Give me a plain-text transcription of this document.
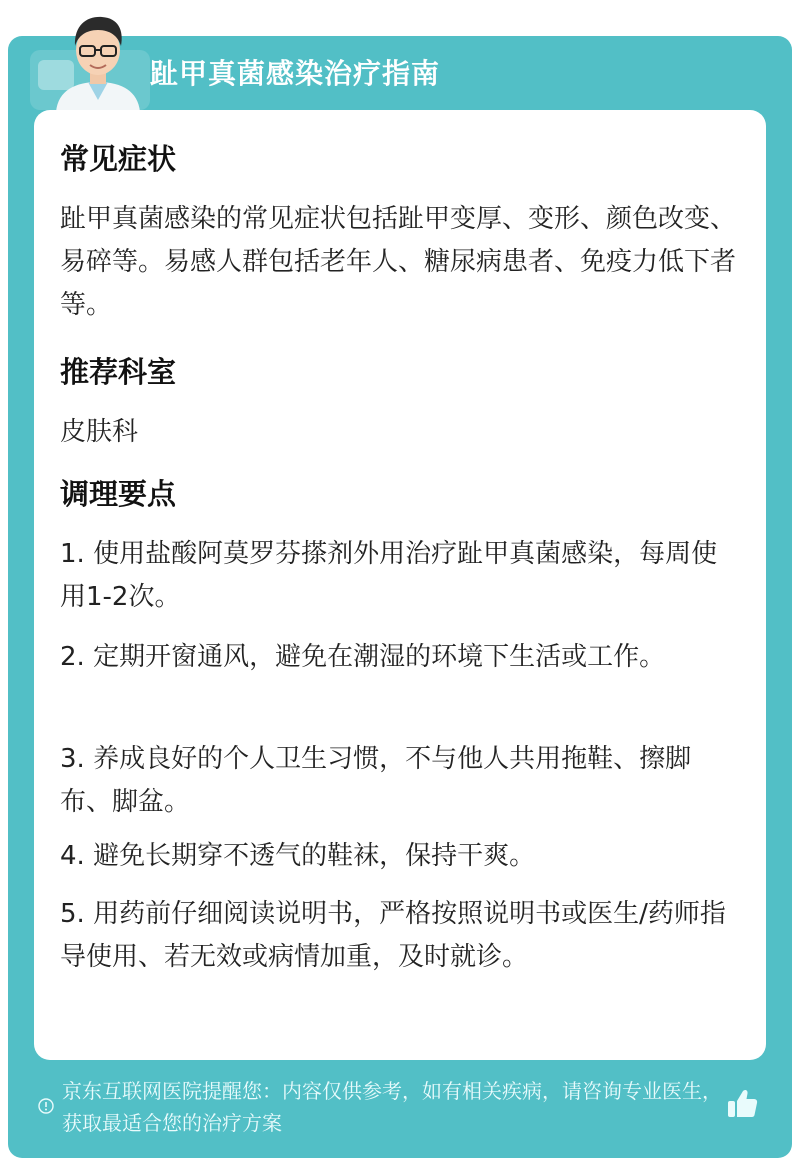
趾甲真菌感染治疗指南
常见症状

趾甲真菌感染的常见症状包括趾甲变厚、变形、颜色改变、易碎等。易感人群包括老年人、糖尿病患者、免疫力低下者等。

推荐科室

皮肤科

调理要点

1. 使用盐酸阿莫罗芬搽剂外用治疗趾甲真菌感染，每周使用1-2次。

2. 定期开窗通风，避免在潮湿的环境下生活或工作。

3. 养成良好的个人卫生习惯，不与他人共用拖鞋、擦脚布、脚盆。

4. 避免长期穿不透气的鞋袜，保持干爽。

5. 用药前仔细阅读说明书，严格按照说明书或医生/药师指导使用、若无效或病情加重，及时就诊。

京东互联网医院提醒您：内容仅供参考，如有相关疾病，请咨询专业医生，获取最适合您的治疗方案
